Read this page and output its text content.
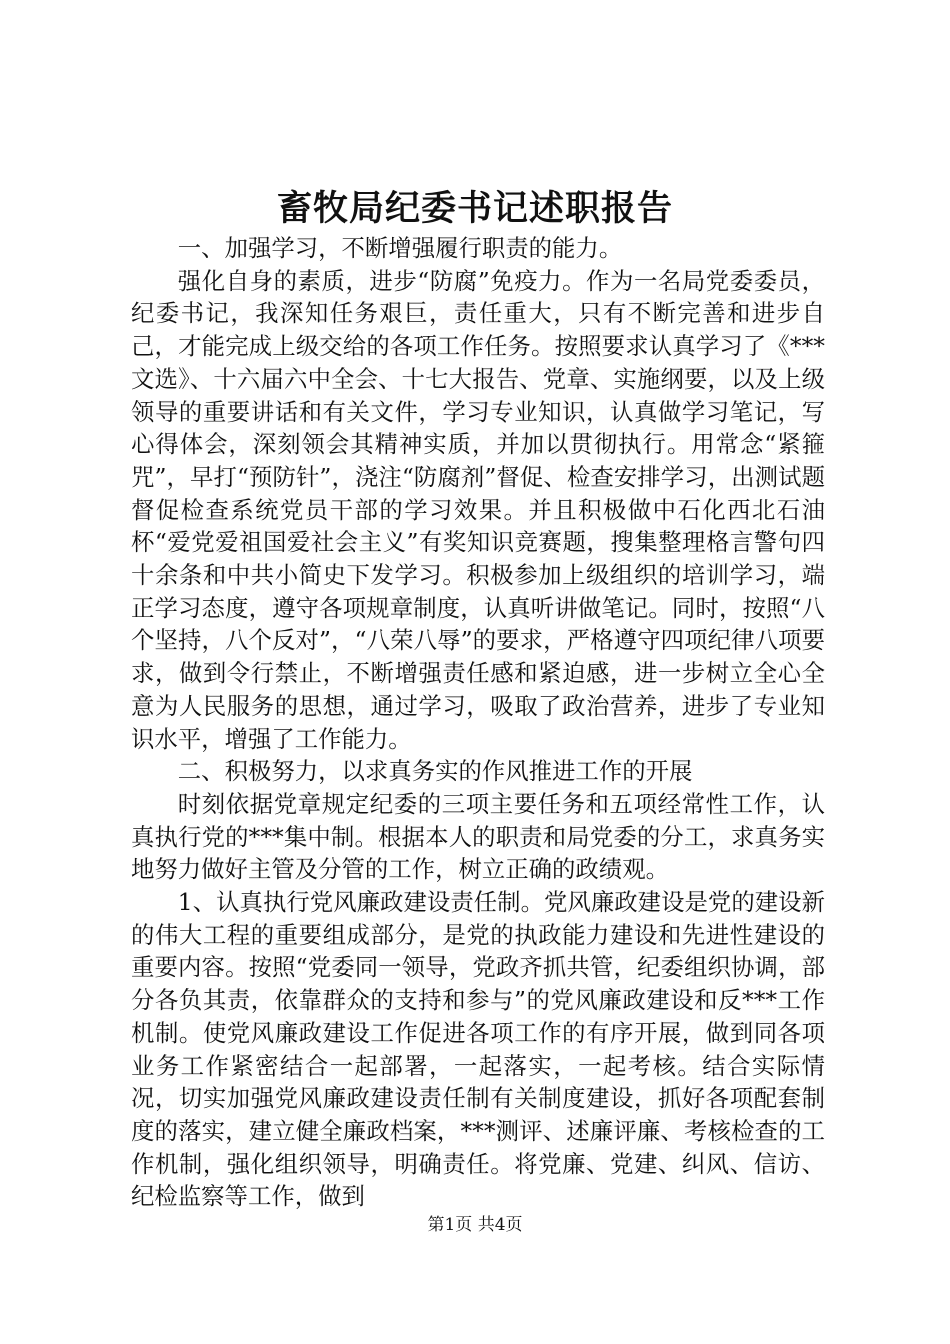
畜牧局纪委书记述职报告

一、加强学习，不断增强履行职责的能力。

强化自身的素质，进步“防腐”免疫力。作为一名局党委委员，纪委书记，我深知任务艰巨，责任重大，只有不断完善和进步自己，才能完成上级交给的各项工作任务。按照要求认真学习了《***文选》、十六届六中全会、十七大报告、党章、实施纲要，以及上级领导的重要讲话和有关文件，学习专业知识，认真做学习笔记，写心得体会，深刻领会其精神实质，并加以贯彻执行。用常念“紧箍咒”，早打“预防针”，浇注“防腐剂”督促、检查安排学习，出测试题督促检查系统党员干部的学习效果。并且积极做中石化西北石油杯“爱党爱祖国爱社会主义”有奖知识竞赛题，搜集整理格言警句四十余条和中共小简史下发学习。积极参加上级组织的培训学习，端正学习态度，遵守各项规章制度，认真听讲做笔记。同时，按照“八个坚持，八个反对”，“八荣八辱”的要求，严格遵守四项纪律八项要求，做到令行禁止，不断增强责任感和紧迫感，进一步树立全心全意为人民服务的思想，通过学习，吸取了政治营养，进步了专业知识水平，增强了工作能力。

二、积极努力，以求真务实的作风推进工作的开展

时刻依据党章规定纪委的三项主要任务和五项经常性工作，认真执行党的***集中制。根据本人的职责和局党委的分工，求真务实地努力做好主管及分管的工作，树立正确的政绩观。

1、认真执行党风廉政建设责任制。党风廉政建设是党的建设新的伟大工程的重要组成部分，是党的执政能力建设和先进性建设的重要内容。按照“党委同一领导，党政齐抓共管，纪委组织协调，部分各负其责，依靠群众的支持和参与”的党风廉政建设和反***工作机制。使党风廉政建设工作促进各项工作的有序开展，做到同各项业务工作紧密结合一起部署，一起落实，一起考核。结合实际情况，切实加强党风廉政建设责任制有关制度建设，抓好各项配套制度的落实，建立健全廉政档案，***测评、述廉评廉、考核检查的工作机制，强化组织领导，明确责任。将党廉、党建、纠风、信访、纪检监察等工作，做到

第1页 共4页
